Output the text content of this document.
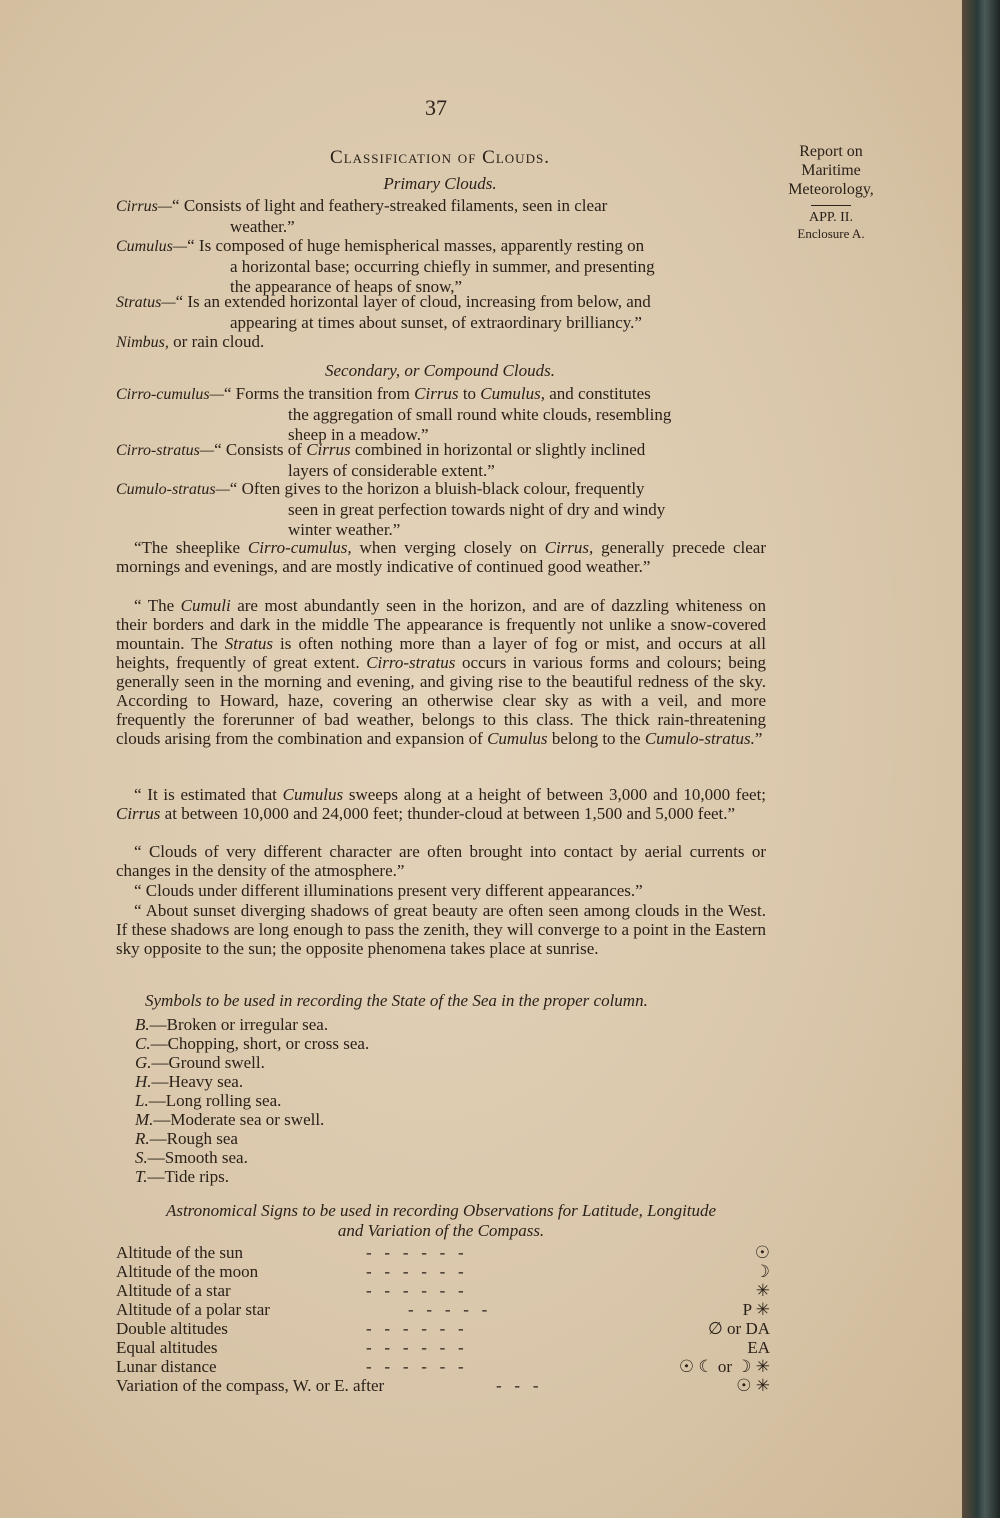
37
Report on
Maritime
Meteorology,
APP. II.
Enclosure A.
Classification of Clouds.
Primary Clouds.
Cirrus—“ Consists of light and feathery-streaked filaments, seen in clear
weather.”
Cumulus—“ Is composed of huge hemispherical masses, apparently resting on
a horizontal base; occurring chiefly in summer, and presenting
the appearance of heaps of snow,”
Stratus—“ Is an extended horizontal layer of cloud, increasing from below, and
appearing at times about sunset, of extraordinary brilliancy.”
Nimbus, or rain cloud.
Secondary, or Compound Clouds.
Cirro-cumulus—“ Forms the transition from Cirrus to Cumulus, and constitutes
the aggregation of small round white clouds, resembling
sheep in a meadow.”
Cirro-stratus—“ Consists of Cirrus combined in horizontal or slightly inclined
layers of considerable extent.”
Cumulo-stratus—“ Often gives to the horizon a bluish-black colour, frequently
seen in great perfection towards night of dry and windy
winter weather.”
“The sheeplike Cirro-cumulus, when verging closely on Cirrus, generally precede clear mornings and evenings, and are mostly indicative of continued good weather.”
“ The Cumuli are most abundantly seen in the horizon, and are of dazzling whiteness on their borders and dark in the middle The appearance is frequently not unlike a snow-covered mountain. The Stratus is often nothing more than a layer of fog or mist, and occurs at all heights, frequently of great extent. Cirro-stratus occurs in various forms and colours; being generally seen in the morning and evening, and giving rise to the beautiful redness of the sky. According to Howard, haze, covering an otherwise clear sky as with a veil, and more frequently the forerunner of bad weather, belongs to this class. The thick rain-threatening clouds arising from the combination and expansion of Cumulus belong to the Cumulo-stratus.”
“ It is estimated that Cumulus sweeps along at a height of between 3,000 and 10,000 feet; Cirrus at between 10,000 and 24,000 feet; thunder-cloud at between 1,500 and 5,000 feet.”
“ Clouds of very different character are often brought into contact by aerial currents or changes in the density of the atmosphere.”
“ Clouds under different illuminations present very different appearances.”
“ About sunset diverging shadows of great beauty are often seen among clouds in the West. If these shadows are long enough to pass the zenith, they will converge to a point in the Eastern sky opposite to the sun; the opposite phenomena takes place at sunrise.
Symbols to be used in recording the State of the Sea in the proper column.
B.—Broken or irregular sea.
C.—Chopping, short, or cross sea.
G.—Ground swell.
H.—Heavy sea.
L.—Long rolling sea.
M.—Moderate sea or swell.
R.—Rough sea
S.—Smooth sea.
T.—Tide rips.
Astronomical Signs to be used in recording Observations for Latitude, Longitude
and Variation of the Compass.
Altitude of the sun	-   -   -   -   -   -	☉
Altitude of the moon	-   -   -   -   -   -	☽
Altitude of a star	-   -   -   -   -   -	✳
Altitude of a polar star	-   -   -   -   -	P ✳
Double altitudes	-   -   -   -   -   -	∅ or DA
Equal altitudes	-   -   -   -   -   -	EA
Lunar distance	-   -   -   -   -   -	☉ ☾ or ☽ ✳
Variation of the compass, W. or E. after	-   -   -	☉ ✳
